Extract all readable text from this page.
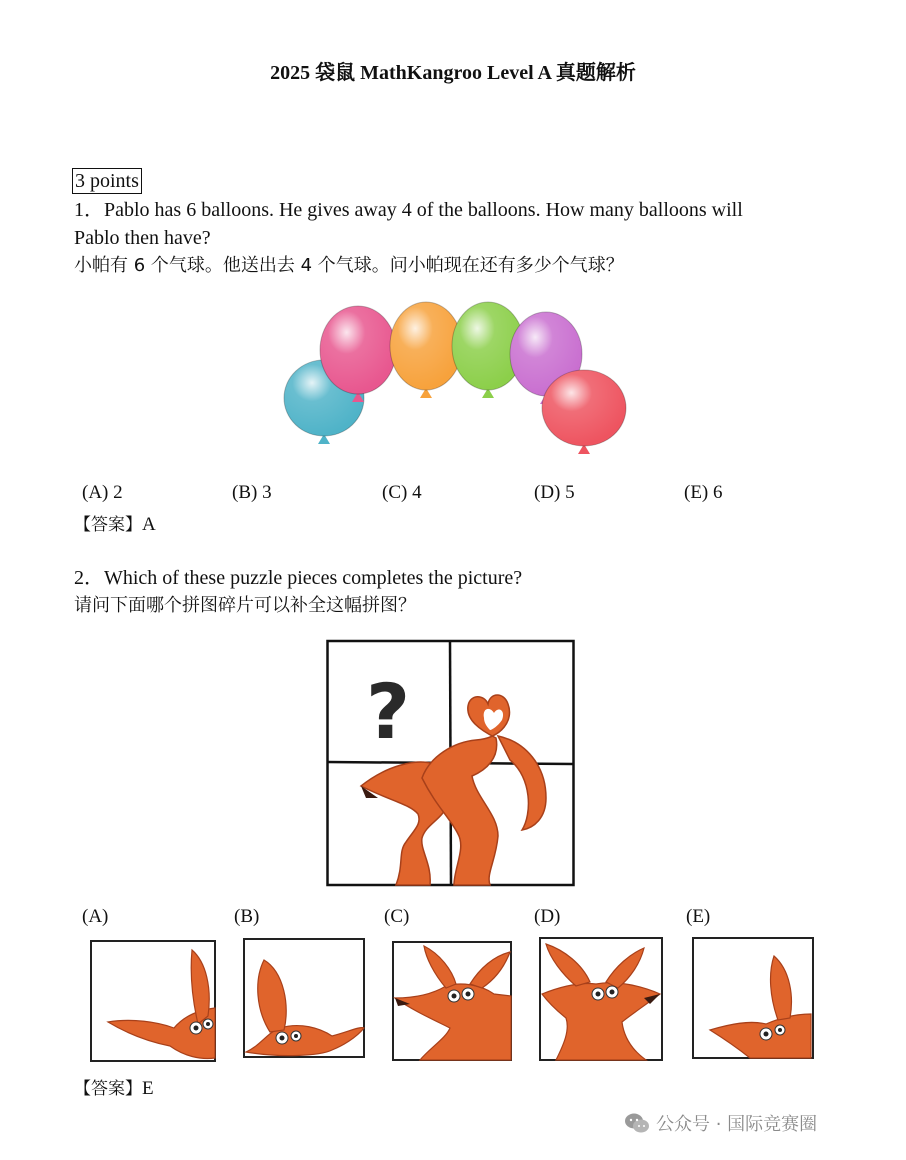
2025 袋鼠 MathKangroo Level A 真题解析
3 points
1．Pablo has 6 balloons. He gives away 4 of the balloons. How many balloons will
Pablo then have?
小帕有 6 个气球。他送出去 4 个气球。问小帕现在还有多少个气球？
(A) 2	(B) 3	(C) 4	(D) 5	(E) 6
【答案】A
2．Which of these puzzle pieces completes the picture?
请问下面哪个拼图碎片可以补全这幅拼图？
?
(A)	(B)	(C)	(D)	(E)
【答案】E
公众号 · 国际竞赛圈
